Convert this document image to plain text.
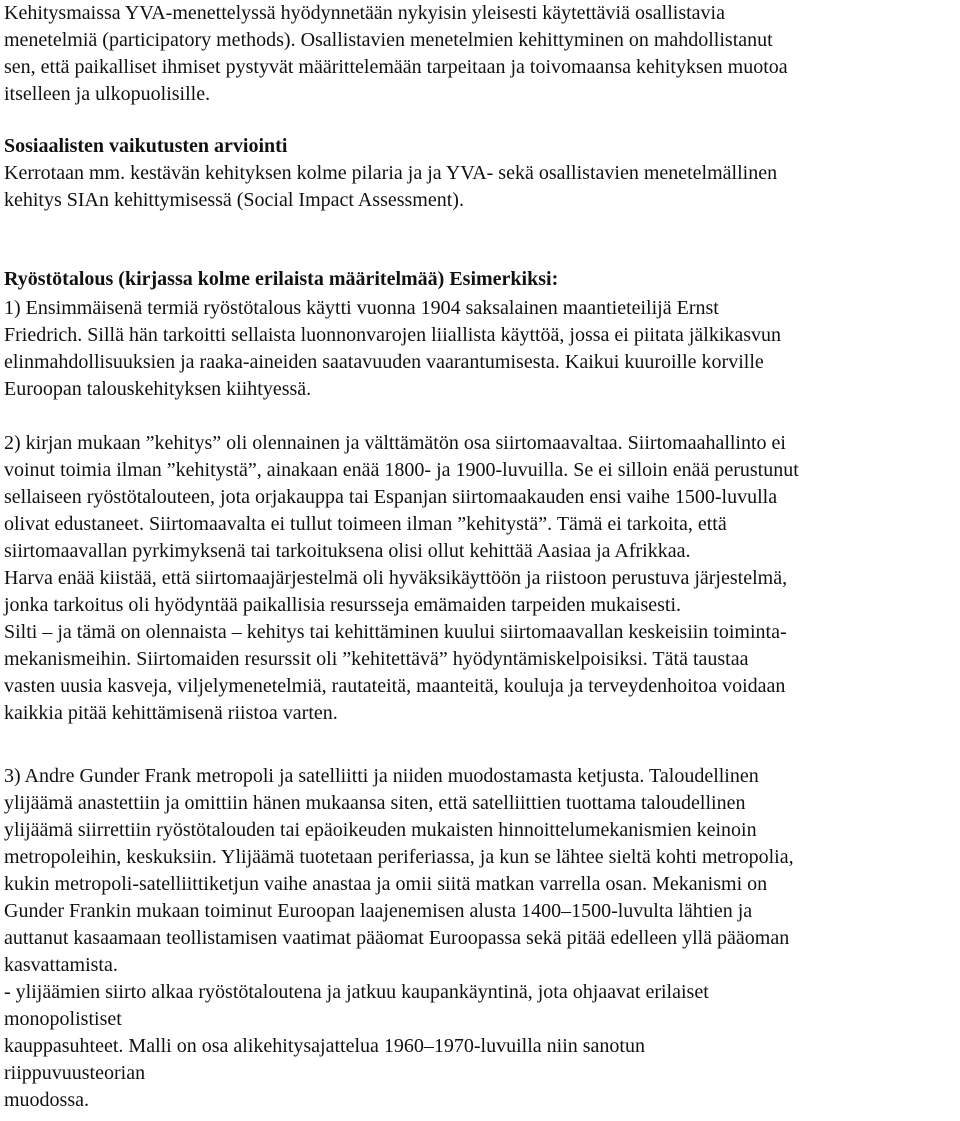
Kehitysmaissa YVA-menettelyssä hyödynnetään nykyisin yleisesti käytettäviä osallistavia
menetelmiä (participatory methods). Osallistavien menetelmien kehittyminen on mahdollistanut
sen, että paikalliset ihmiset pystyvät määrittelemään tarpeitaan ja toivomaansa kehityksen muotoa
itselleen ja ulkopuolisille.
Sosiaalisten vaikutusten arviointi
Kerrotaan mm. kestävän kehityksen kolme pilaria ja ja YVA- sekä osallistavien menetelmällinen
kehitys SIAn kehittymisessä (Social Impact Assessment).
Ryöstötalous (kirjassa kolme erilaista määritelmää) Esimerkiksi:
1) Ensimmäisenä termiä ryöstötalous käytti vuonna 1904 saksalainen maantieteilijä Ernst
Friedrich. Sillä hän tarkoitti sellaista luonnonvarojen liiallista käyttöä, jossa ei piitata jälkikasvun
elinmahdollisuuksien ja raaka-aineiden saatavuuden vaarantumisesta. Kaikui kuuroille korville
Euroopan talouskehityksen kiihtyessä.
2) kirjan mukaan ”kehitys” oli olennainen ja välttämätön osa siirtomaavaltaa. Siirtomaahallinto ei
voinut toimia ilman ”kehitystä”, ainakaan enää 1800- ja 1900-luvuilla. Se ei silloin enää perustunut
sellaiseen ryöstötalouteen, jota orjakauppa tai Espanjan siirtomaakauden ensi vaihe 1500-luvulla
olivat edustaneet. Siirtomaavalta ei tullut toimeen ilman ”kehitystä”. Tämä ei tarkoita, että
siirtomaavallan pyrkimyksenä tai tarkoituksena olisi ollut kehittää Aasiaa ja Afrikkaa.
Harva enää kiistää, että siirtomaajärjestelmä oli hyväksikäyttöön ja riistoon perustuva järjestelmä,
jonka tarkoitus oli hyödyntää paikallisia resursseja emämaiden tarpeiden mukaisesti.
Silti – ja tämä on olennaista – kehitys tai kehittäminen kuului siirtomaavallan keskeisiin toiminta-
mekanismeihin. Siirtomaiden resurssit oli ”kehitettävä” hyödyntämiskelpoisiksi. Tätä taustaa
vasten uusia kasveja, viljelymenetelmiä, rautateitä, maanteitä, kouluja ja terveydenhoitoa voidaan
kaikkia pitää kehittämisenä riistoa varten.
3) Andre Gunder Frank metropoli ja satelliitti ja niiden muodostamasta ketjusta. Taloudellinen
ylijäämä anastettiin ja omittiin hänen mukaansa siten, että satelliittien tuottama taloudellinen
ylijäämä siirrettiin ryöstötalouden tai epäoikeuden mukaisten hinnoittelumekanismien keinoin
metropoleihin, keskuksiin. Ylijäämä tuotetaan periferiassa, ja kun se lähtee sieltä kohti metropolia,
kukin metropoli-satelliittiketjun vaihe anastaa ja omii siitä matkan varrella osan. Mekanismi on
Gunder Frankin mukaan toiminut Euroopan laajenemisen alusta 1400–1500-luvulta lähtien ja
auttanut kasaamaan teollistamisen vaatimat pääomat Euroopassa sekä pitää edelleen yllä pääoman
kasvattamista.
- ylijäämien siirto alkaa ryöstötaloutena ja jatkuu kaupankäyntinä, jota ohjaavat erilaiset
monopolistiset
kauppasuhteet. Malli on osa alikehitysajattelua 1960–1970-luvuilla niin sanotun
riippuvuusteorian
muodossa.
